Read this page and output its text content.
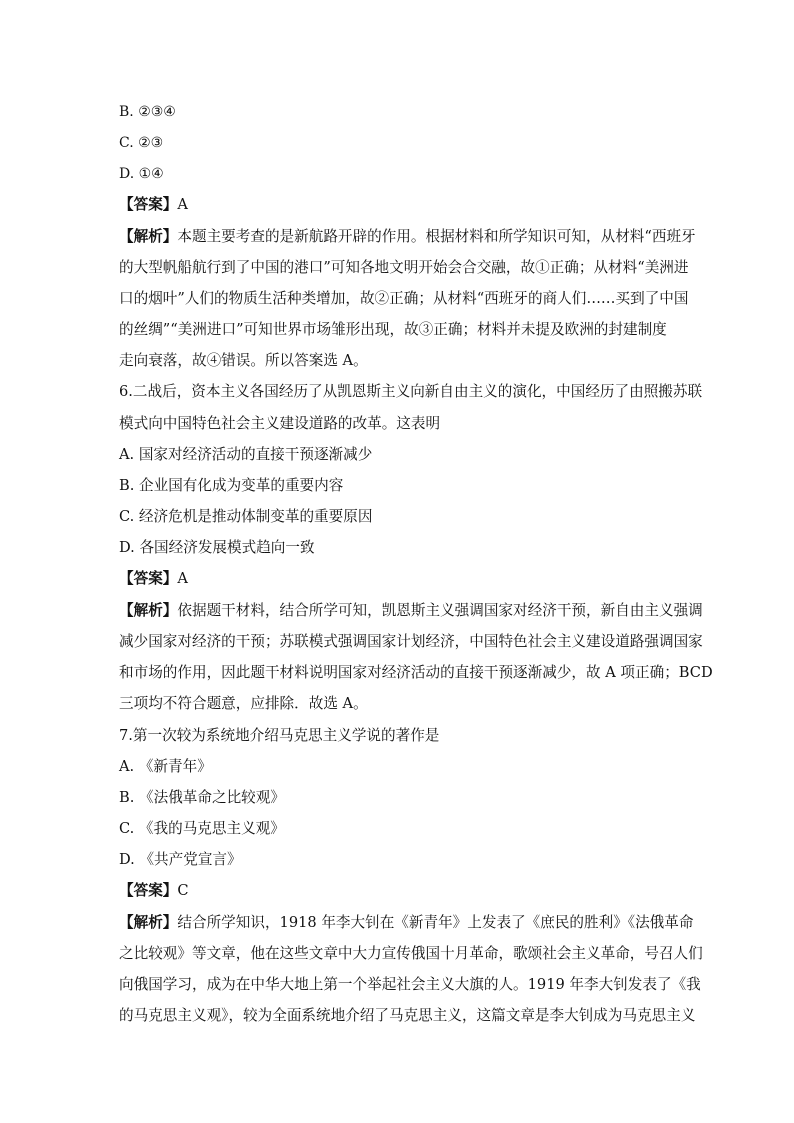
B. ②③④
C. ②③
D. ①④
【答案】A
【解析】本题主要考查的是新航路开辟的作用。根据材料和所学知识可知，从材料“西班牙
的大型帆船航行到了中国的港口”可知各地文明开始会合交融，故①正确；从材料“美洲进
口的烟叶”人们的物质生活种类增加，故②正确；从材料“西班牙的商人们……买到了中国
的丝绸”“美洲进口”可知世界市场雏形出现，故③正确；材料并未提及欧洲的封建制度
走向衰落，故④错误。所以答案选 A。
6.二战后，资本主义各国经历了从凯恩斯主义向新自由主义的演化，中国经历了由照搬苏联
模式向中国特色社会主义建设道路的改革。这表明
A. 国家对经济活动的直接干预逐渐减少
B. 企业国有化成为变革的重要内容
C. 经济危机是推动体制变革的重要原因
D. 各国经济发展模式趋向一致
【答案】A
【解析】依据题干材料，结合所学可知，凯恩斯主义强调国家对经济干预，新自由主义强调
减少国家对经济的干预；苏联模式强调国家计划经济，中国特色社会主义建设道路强调国家
和市场的作用，因此题干材料说明国家对经济活动的直接干预逐渐减少，故 A 项正确；BCD
三项均不符合题意，应排除．故选 A。
7.第一次较为系统地介绍马克思主义学说的著作是
A. 《新青年》
B. 《法俄革命之比较观》
C. 《我的马克思主义观》
D. 《共产党宣言》
【答案】C
【解析】结合所学知识，1918 年李大钊在《新青年》上发表了《庶民的胜利》《法俄革命
之比较观》等文章，他在这些文章中大力宣传俄国十月革命，歌颂社会主义革命，号召人们
向俄国学习，成为在中华大地上第一个举起社会主义大旗的人。1919 年李大钊发表了《我
的马克思主义观》，较为全面系统地介绍了马克思主义，这篇文章是李大钊成为马克思主义
